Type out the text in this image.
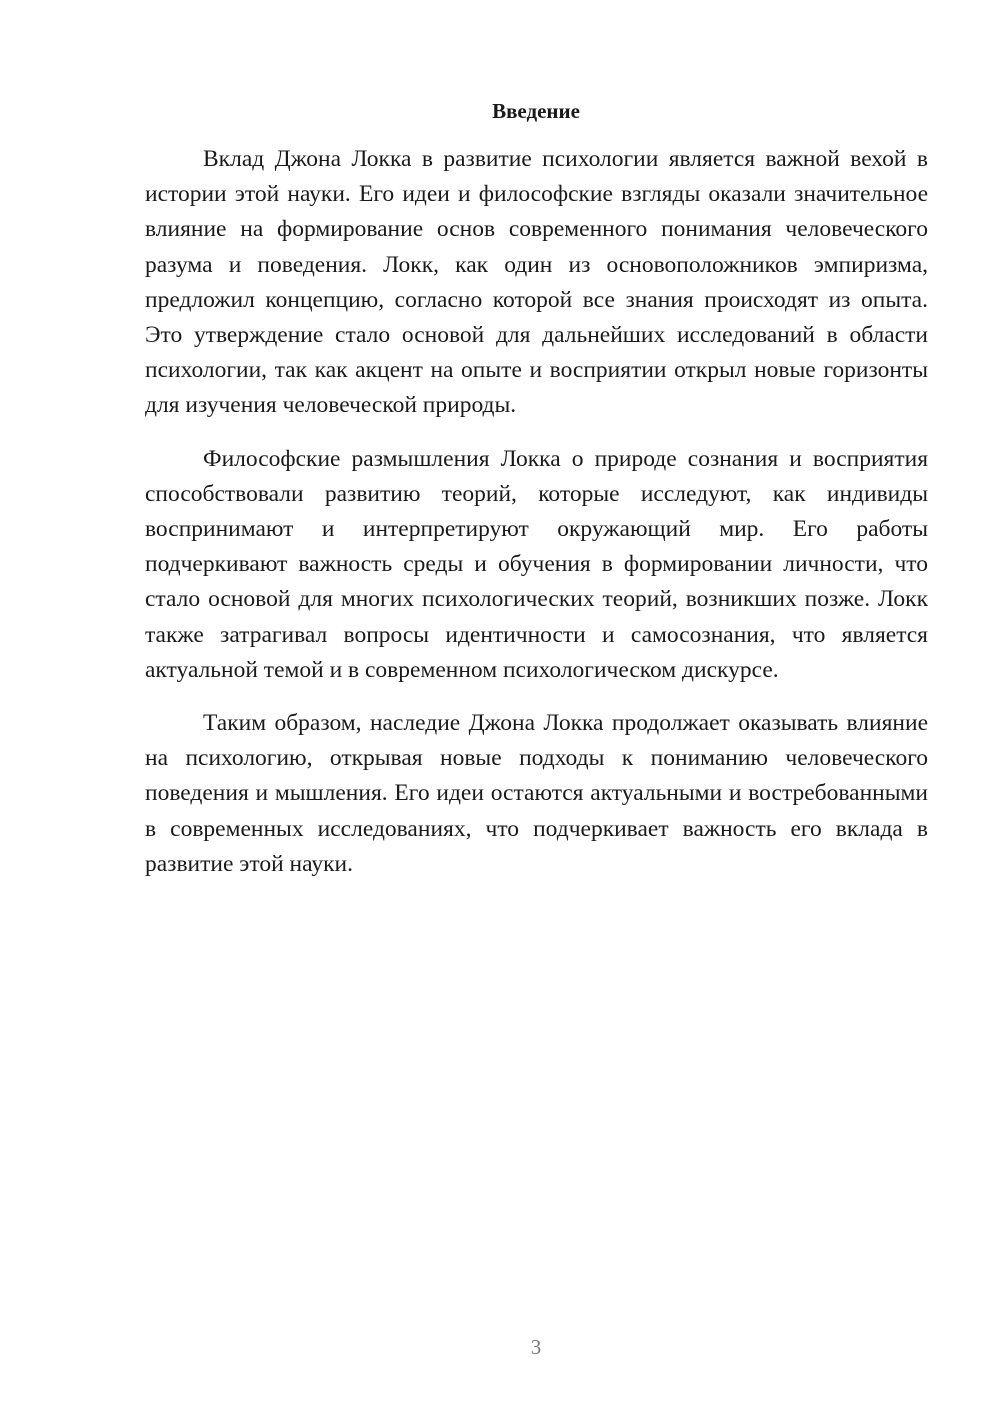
Введение

Вклад Джона Локка в развитие психологии является важной вехой в истории этой науки. Его идеи и философские взгляды оказали значительное влияние на формирование основ современного понимания человеческого разума и поведения. Локк, как один из основоположников эмпиризма, предложил концепцию, согласно которой все знания происходят из опыта. Это утверждение стало основой для дальнейших исследований в области психологии, так как акцент на опыте и восприятии открыл новые горизонты для изучения человеческой природы.

Философские размышления Локка о природе сознания и восприятия способствовали развитию теорий, которые исследуют, как индивиды воспринимают и интерпретируют окружающий мир. Его работы подчеркивают важность среды и обучения в формировании личности, что стало основой для многих психологических теорий, возникших позже. Локк также затрагивал вопросы идентичности и самосознания, что является актуальной темой и в современном психологическом дискурсе.

Таким образом, наследие Джона Локка продолжает оказывать влияние на психологию, открывая новые подходы к пониманию человеческого поведения и мышления. Его идеи остаются актуальными и востребованными в современных исследованиях, что подчеркивает важность его вклада в развитие этой науки.

3
